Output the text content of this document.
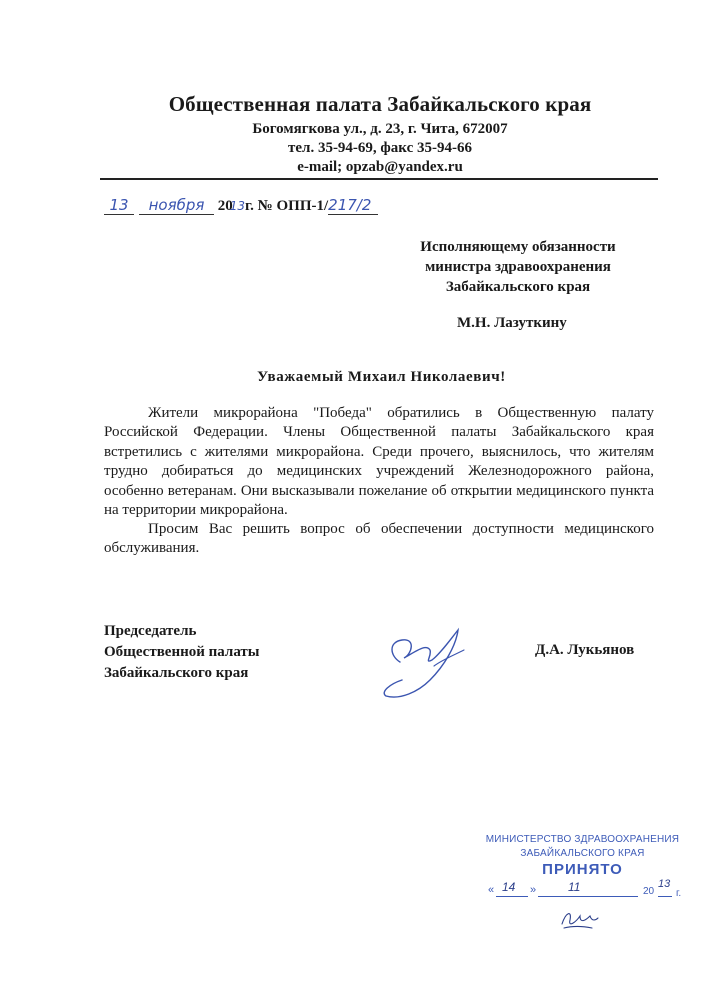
Общественная палата Забайкальского края
Богомягкова ул., д. 23, г. Чита, 672007
тел. 35-94-69, факс 35-94-66
e-mail; opzab@yandex.ru
13 ноября 2013г. № ОПП-1/217/2
Исполняющему обязанности
министра здравоохранения
Забайкальского края
М.Н. Лазуткину
Уважаемый Михаил Николаевич!
Жители микрорайона "Победа" обратились в Общественную палату Российской Федерации. Члены Общественной палаты Забайкальского края встретились с жителями микрорайона. Среди прочего, выяснилось, что жителям трудно добираться до медицинских учреждений Железнодорожного района, особенно ветеранам. Они высказывали пожелание об открытии медицинского пункта на территории микрорайона.
Просим Вас решить вопрос об обеспечении доступности медицинского обслуживания.
Председатель
Общественной палаты
Забайкальского края
Д.А. Лукьянов
МИНИСТЕРСТВО ЗДРАВООХРАНЕНИЯ
ЗАБАЙКАЛЬСКОГО КРАЯ
ПРИНЯТО
« 14 »	11	20
13
г.
